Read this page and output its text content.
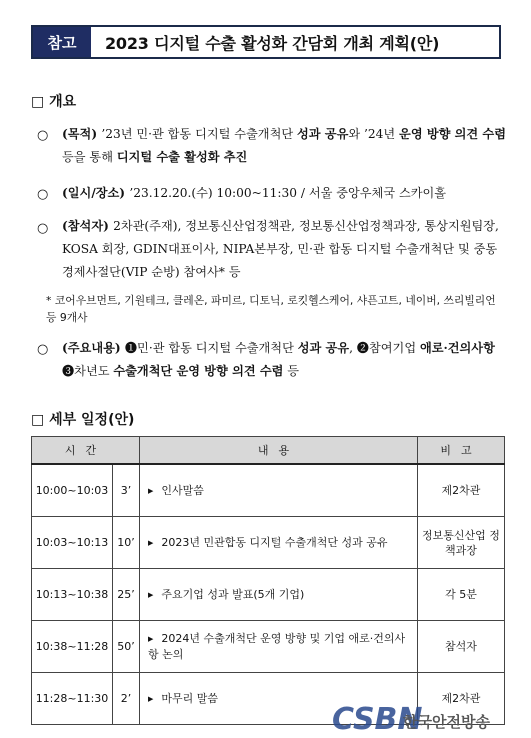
참고	2023 디지털 수출 활성화 간담회 개최 계획(안)
□ 개요
○ (목적) ’23년 민·관 합동 디지털 수출개척단 성과 공유와 ’24년 운영 방향 의견 수렴 등을 통해 디지털 수출 활성화 추진
○ (일시/장소) ’23.12.20.(수) 10:00~11:30 / 서울 중앙우체국 스카이홀
○ (참석자) 2차관(주재), 정보통신산업정책관, 정보통신산업정책과장, 통상지원팀장, KOSA 회장, GDIN대표이사, NIPA본부장, 민·관 합동 디지털 수출개척단 및 중동경제사절단(VIP 순방) 참여사* 등
* 코어우브먼트, 기원테크, 클레온, 파미르, 디토닉, 로킷헬스케어, 샤픈고트, 네이버, 쓰리빌리언 등 9개사
○ (주요내용) ❶민·관 합동 디지털 수출개척단 성과 공유, ❷참여기업 애로·건의사항 ❸차년도 수출개척단 운영 방향 의견 수렴 등
□ 세부 일정(안)
시간		내용	비고
10:00~10:03	3’	▶ 인사말씀	제2차관
10:03~10:13	10’	▶ 2023년 민관합동 디지털 수출개척단 성과 공유	정보통신산업 정책과장
10:13~10:38	25’	▶ 주요기업 성과 발표(5개 기업)	각 5분
10:38~11:28	50’	▶ 2024년 수출개척단 운영 방향 및 기업 애로·건의사항 논의	참석자
11:28~11:30	2’	▶ 마무리 말씀	제2차관
CSBN
한국안전방송
